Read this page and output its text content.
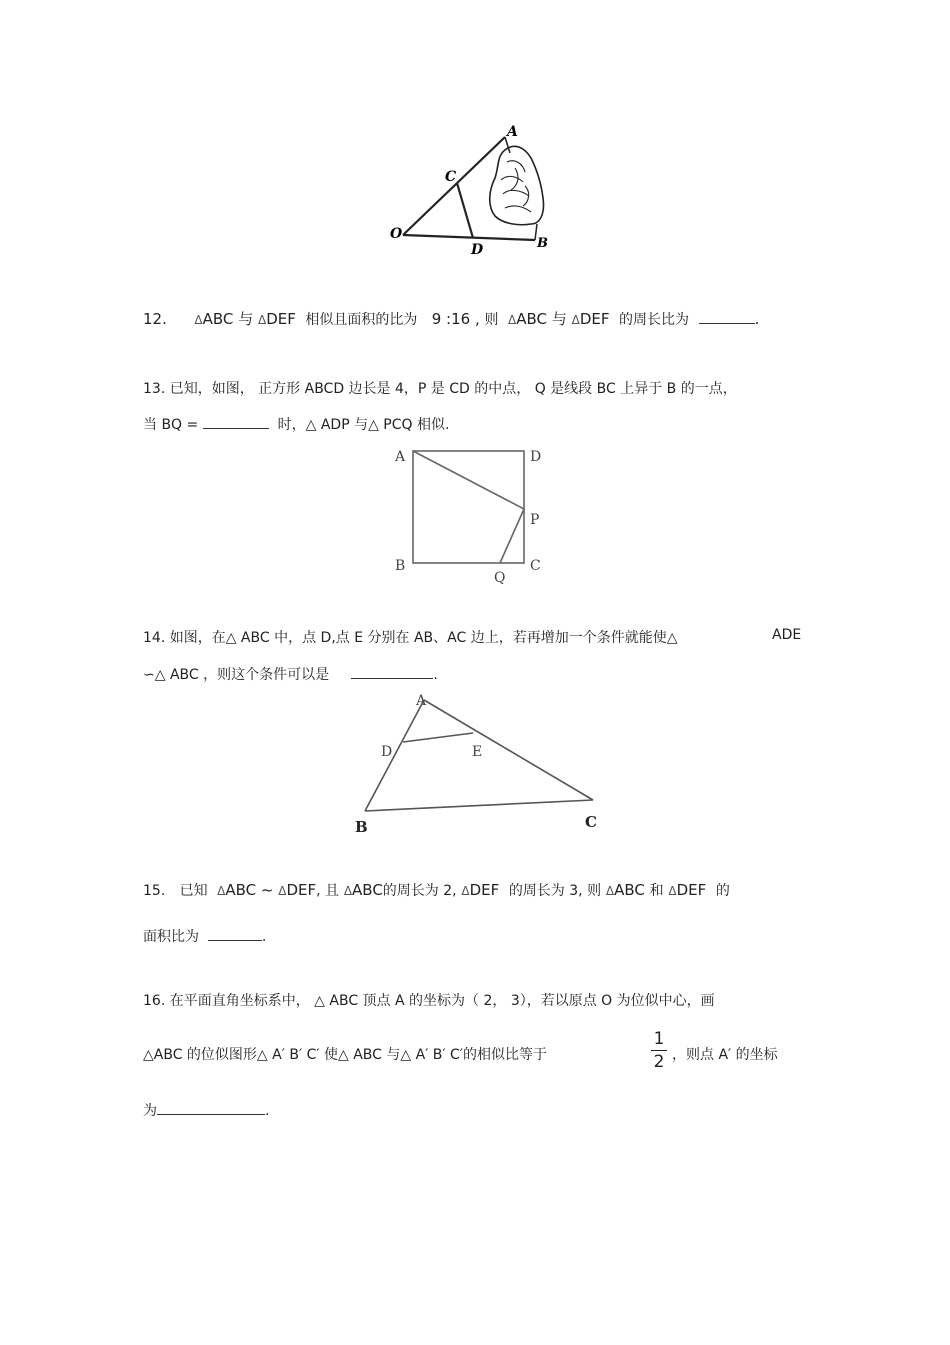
A
C
O
D	B
12. ΔABC 与 ΔDEF 相似且面积的比为 9 :16 , 则 ΔABC 与 ΔDEF 的周长比为	.
13. 已知，如图， 正方形 ABCD 边长是 4，P 是 CD 的中点， Q 是线段 BC 上异于 B 的一点，
当 BQ =	时，△ ADP 与△ PCQ 相似.
A	D
P
B	C
Q
14. 如图，在△ ABC 中，点 D,点 E 分别在 AB、AC 边上，若再增加一个条件就能使△	ADE
∽△ ABC ，则这个条件可以是	.
A
D	E
B	C
15. 已知 ΔABC ~ ΔDEF, 且 ΔABC的周长为 2, ΔDEF 的周长为 3, 则 ΔABC 和 ΔDEF 的
面积比为	.
16. 在平面直角坐标系中， △ ABC 顶点 A 的坐标为（ 2， 3），若以原点 O 为位似中心，画
△ABC 的位似图形△ A′ B′ C′ 使△ ABC 与△ A′ B′ C′的相似比等于
1
2 ，则点 A′ 的坐标
为	.
